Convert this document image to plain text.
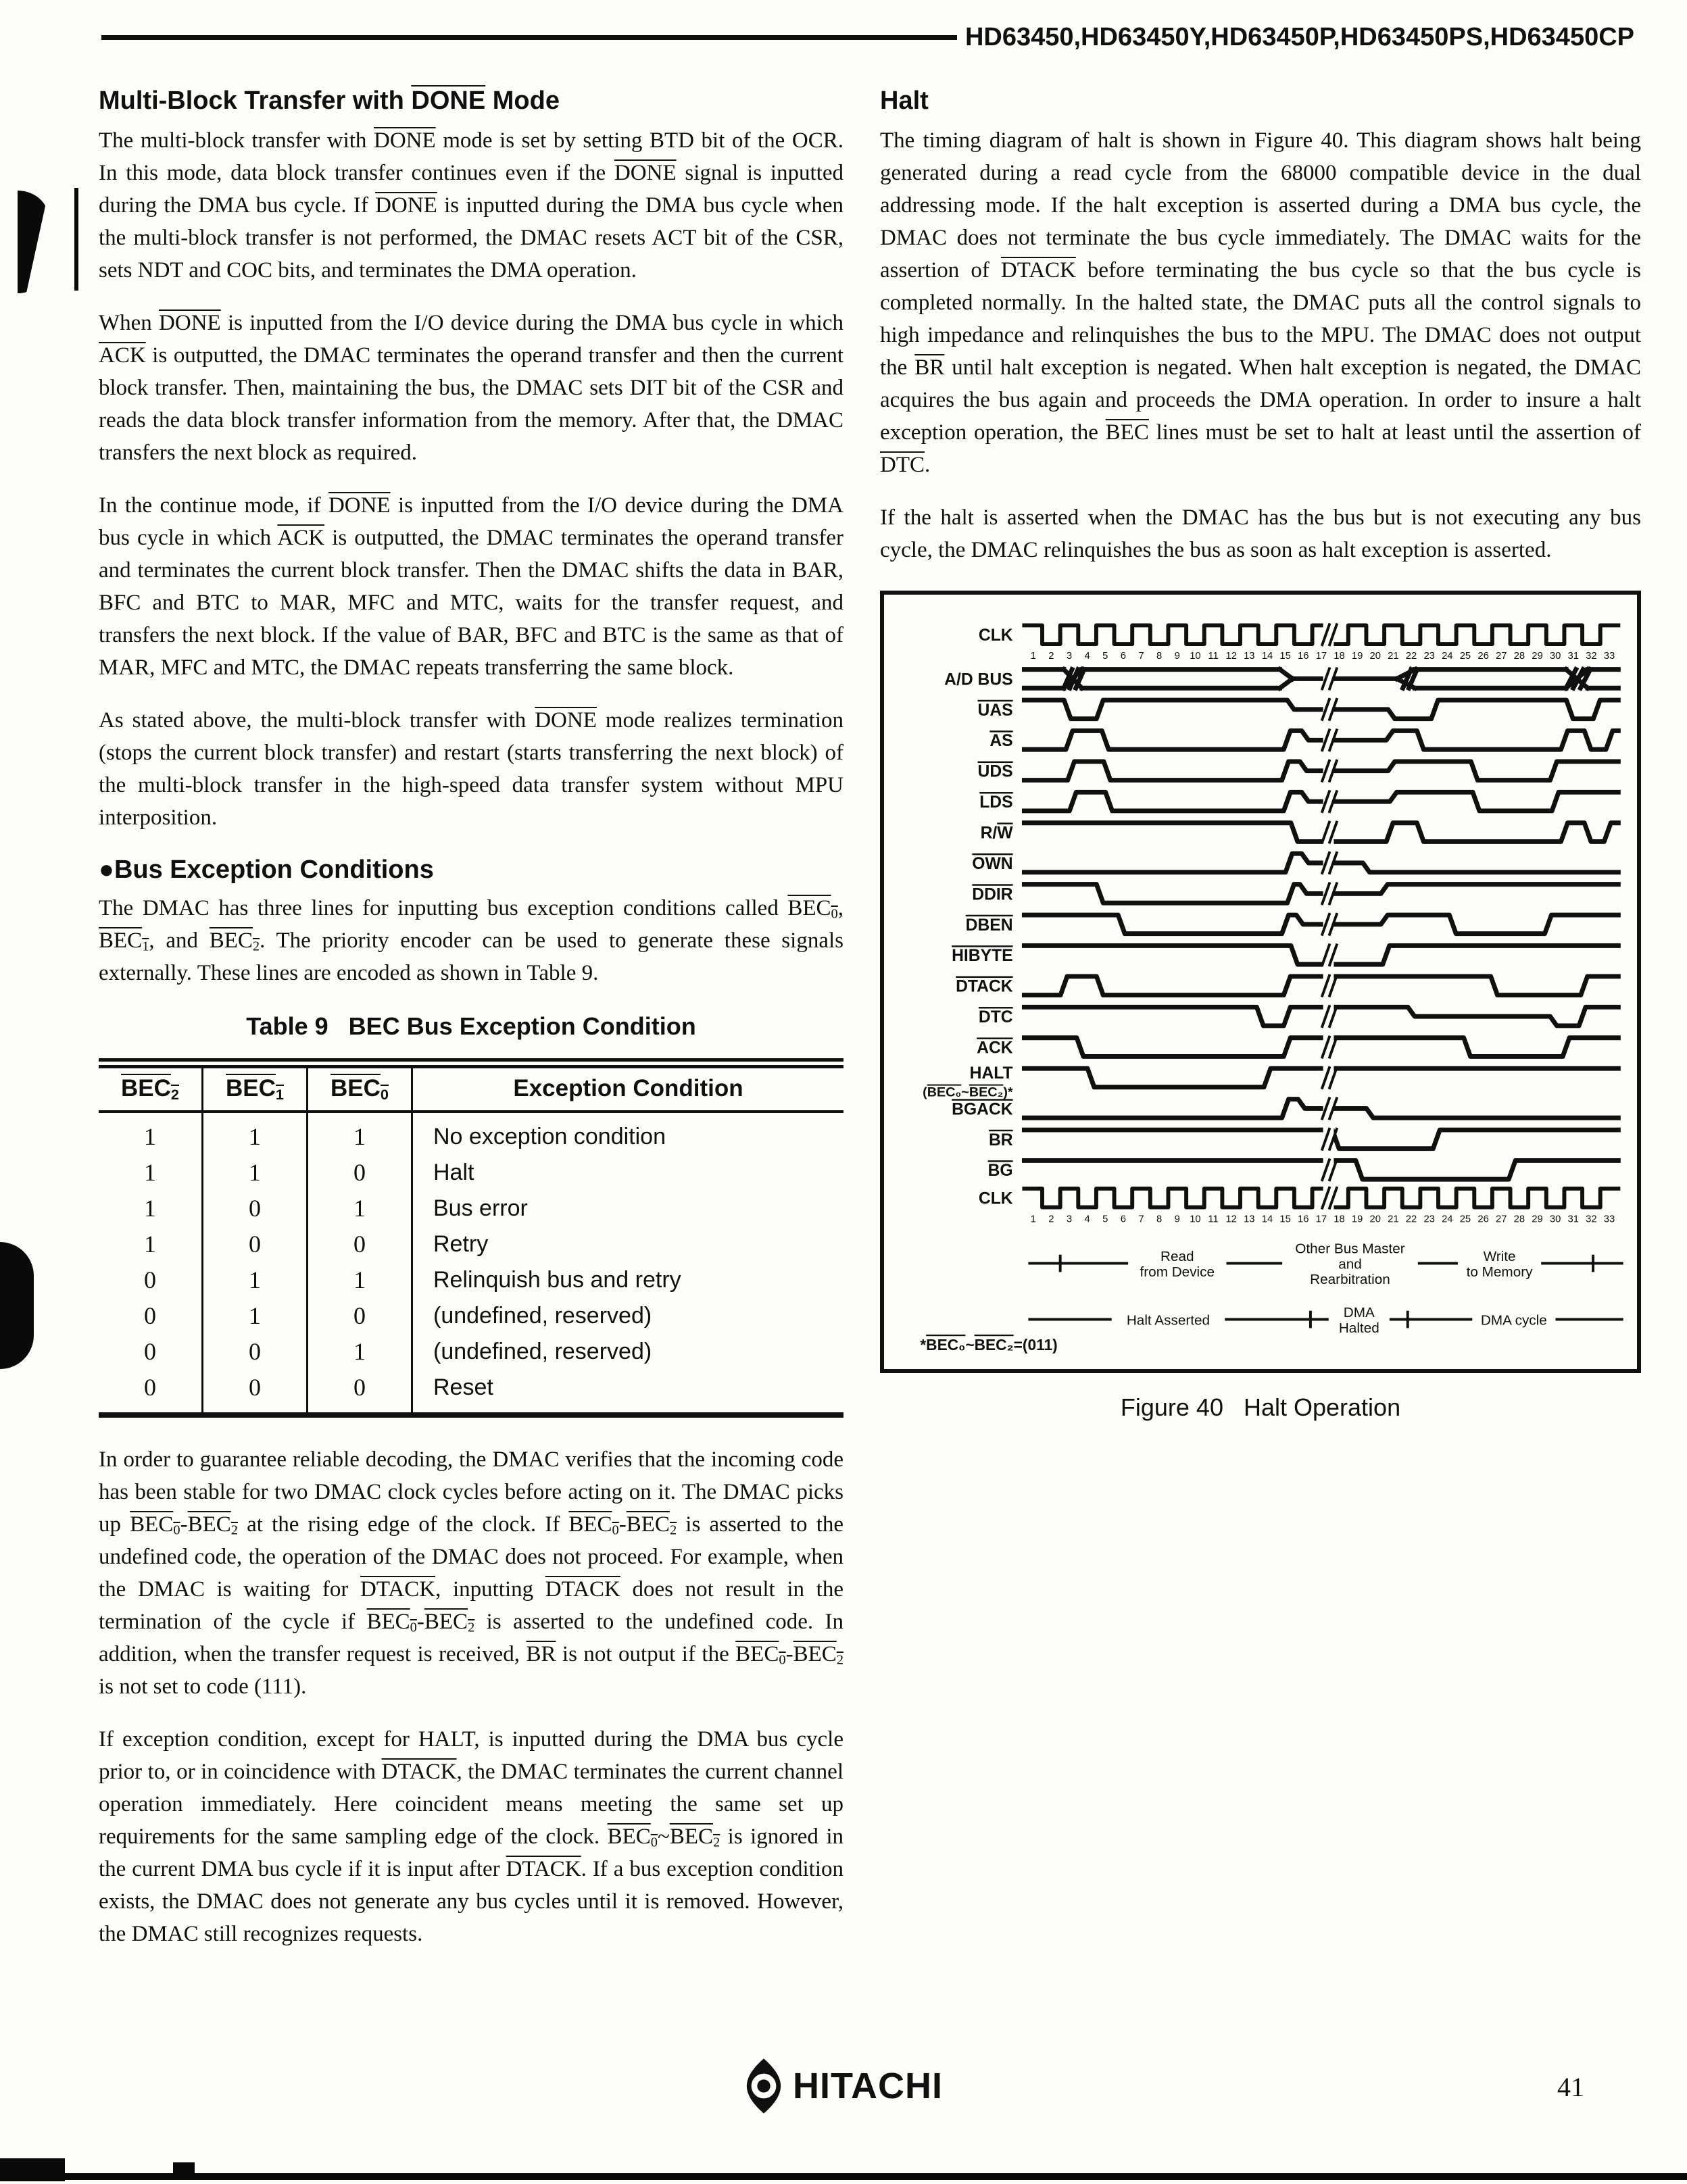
HD63450,HD63450Y,HD63450P,HD63450PS,HD63450CP
Multi-Block Transfer with DONE Mode

The multi-block transfer with DONE mode is set by setting BTD bit of the OCR. In this mode, data block transfer continues even if the DONE signal is inputted during the DMA bus cycle. If DONE is inputted during the DMA bus cycle when the multi-block transfer is not performed, the DMAC resets ACT bit of the CSR, sets NDT and COC bits, and terminates the DMA operation.

When DONE is inputted from the I/O device during the DMA bus cycle in which $\overline{ACK}$ is outputted, the DMAC terminates the operand transfer and then the current block transfer. Then, maintaining the bus, the DMAC sets DIT bit of the CSR and reads the data block transfer information from the memory. After that, the DMAC transfers the next block as required.

In the continue mode, if DONE is inputted from the I/O device during the DMA bus cycle in which $\overline{ACK}$ is outputted, the DMAC terminates the operand transfer and terminates the current block transfer. Then the DMAC shifts the data in BAR, BFC and BTC to MAR, MFC and MTC, waits for the transfer request, and transfers the next block. If the value of BAR, BFC and BTC is the same as that of MAR, MFC and MTC, the DMAC repeats transferring the same block.

As stated above, the multi-block transfer with DONE mode realizes termination (stops the current block transfer) and restart (starts transferring the next block) of the multi-block transfer in the high-speed data transfer system without MPU interposition.

●Bus Exception Conditions

The DMAC has three lines for inputting bus exception conditions called $BEC_0$, $BEC_1$, and $BEC_2$. The priority encoder can be used to generate these signals externally. These lines are encoded as shown in Table 9.

Table 9   BEC Bus Exception Condition
$BEC_2$	$BEC_1$	$BEC_0$	Exception Condition
1	1	1	No exception condition
1	1	0	Halt
1	0	1	Bus error
1	0	0	Retry
0	1	1	Relinquish bus and retry
0	1	0	(undefined, reserved)
0	0	1	(undefined, reserved)
0	0	0	Reset

In order to guarantee reliable decoding, the DMAC verifies that the incoming code has been stable for two DMAC clock cycles before acting on it. The DMAC picks up $BEC_0-BEC_2$ at the rising edge of the clock. If $BEC_0-BEC_2$ is asserted to the undefined code, the operation of the DMAC does not proceed. For example, when the DMAC is waiting for DTACK, inputting DTACK does not result in the termination of the cycle if $BEC_0-BEC_2$ is asserted to the undefined code. In addition, when the transfer request is received, $\overline{BR}$ is not output if the $BEC_0-BEC_2$ is not set to code (111).

If exception condition, except for HALT, is inputted during the DMA bus cycle prior to, or in coincidence with DTACK, the DMAC terminates the current channel operation immediately. Here coincident means meeting the same set up requirements for the same sampling edge of the clock. $BEC_0\sim BEC_2$ is ignored in the current DMA bus cycle if it is input after DTACK. If a bus exception condition exists, the DMAC does not generate any bus cycles until it is removed. However, the DMAC still recognizes requests.

Halt

The timing diagram of halt is shown in Figure 40. This diagram shows halt being generated during a read cycle from the 68000 compatible device in the dual addressing mode. If the halt exception is asserted during a DMA bus cycle, the DMAC does not terminate the bus cycle immediately. The DMAC waits for the assertion of DTACK before terminating the bus cycle so that the bus cycle is completed normally. In the halted state, the DMAC puts all the control signals to high impedance and relinquishes the bus to the MPU. The DMAC does not output the $\overline{BR}$ until halt exception is negated. When halt exception is negated, the DMAC acquires the bus again and proceeds the DMA operation. In order to insure a halt exception operation, the $\overline{BEC}$ lines must be set to halt at least until the assertion of $\overline{DTC}$.

If the halt is asserted when the DMAC has the bus but is not executing any bus cycle, the DMAC relinquishes the bus as soon as halt exception is asserted.

CLK
1 2 3 4 5 6 7 8 9 10 11 12 13 14 15 16 17 18 19 20 21 22 23 24 25 26 27 28 29 30 31 32 33
A/D BUS
UAS
AS
UDS
LDS
R/W
OWN
DDIR
DBEN
HIBYTE
DTACK
DTC
ACK
HALT
(BEC₀~BEC₂)*
BGACK
BR
BG
CLK
1 2 3 4 5 6 7 8 9 10 11 12 13 14 15 16 17 18 19 20 21 22 23 24 25 26 27 28 29 30 31 32 33
Read
from Device
Other Bus Master
and
Rearbitration
Write
to Memory
Halt Asserted	DMA
Halted	DMA cycle
*BEC₀~BEC₂=(011)
Figure 40   Halt Operation
HITACHI	41
